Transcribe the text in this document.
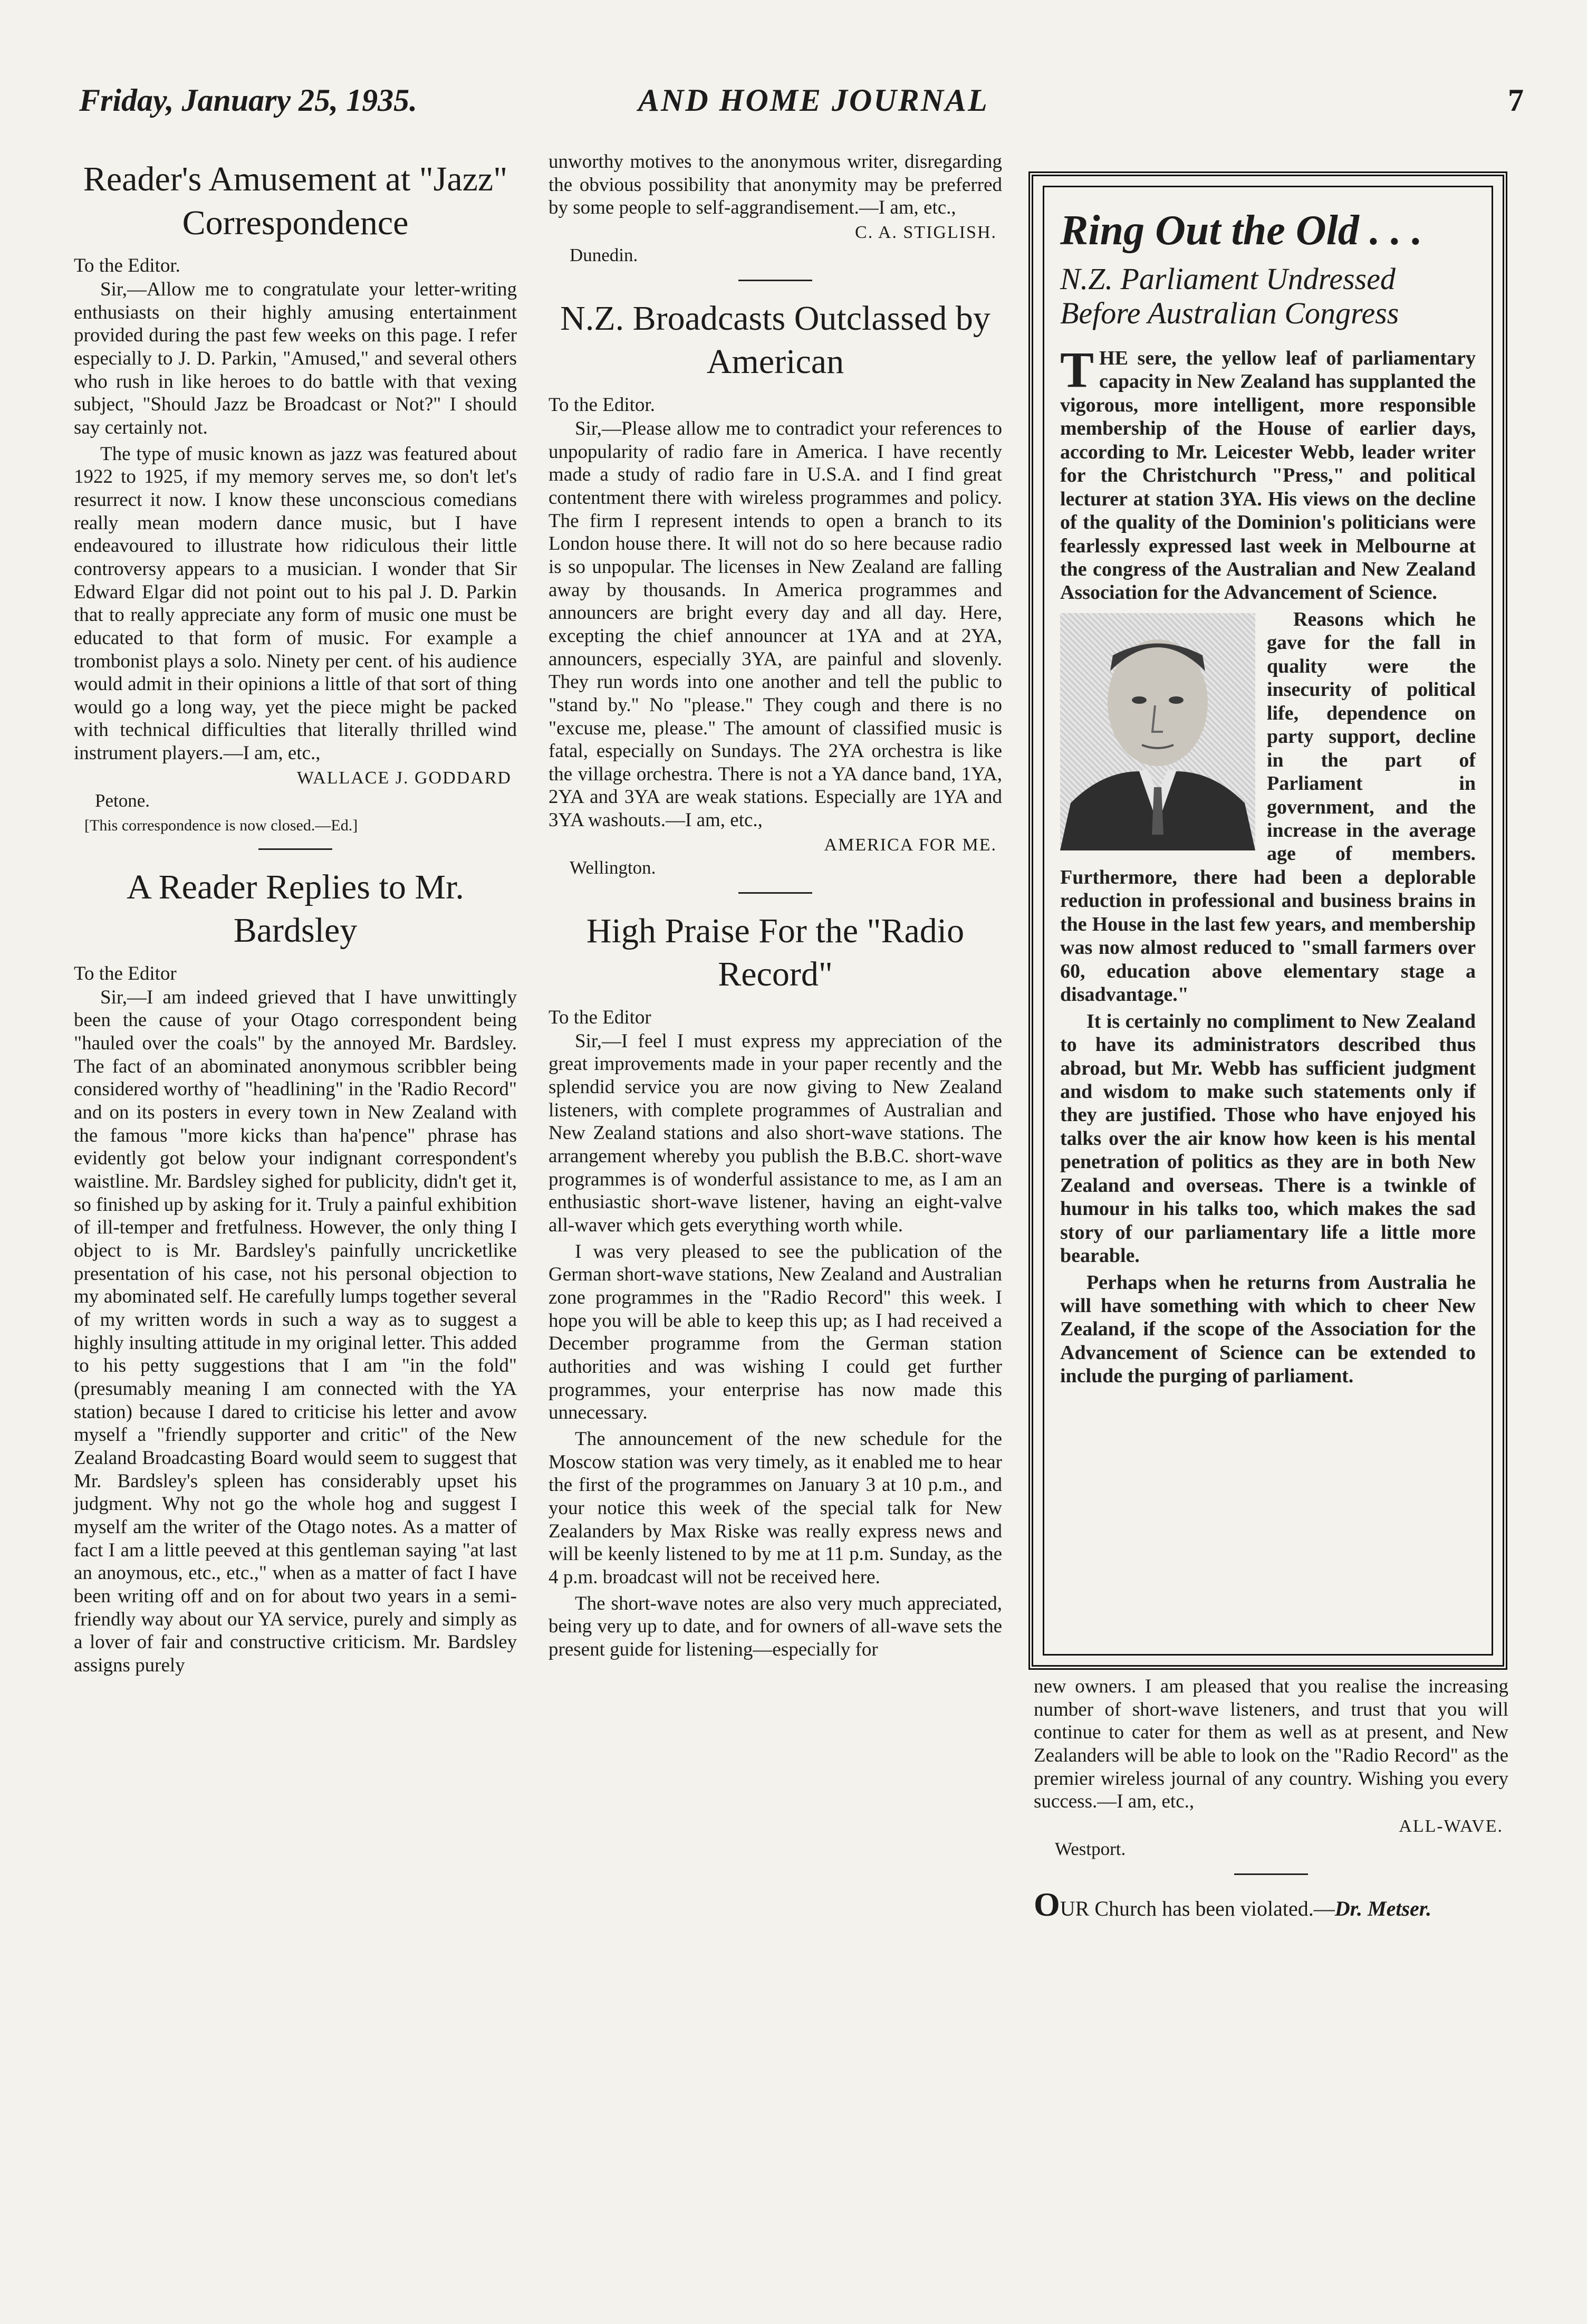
Friday, January 25, 1935.	AND HOME JOURNAL	7
Reader's Amusement at "Jazz" Correspondence
To the Editor.

Sir,—Allow me to congratulate your letter-writing enthusiasts on their highly amusing entertainment provided during the past few weeks on this page. I refer especially to J. D. Parkin, "Amused," and several others who rush in like heroes to do battle with that vexing subject, "Should Jazz be Broadcast or Not?" I should say certainly not.

The type of music known as jazz was featured about 1922 to 1925, if my memory serves me, so don't let's resurrect it now. I know these unconscious comedians really mean modern dance music, but I have endeavoured to illustrate how ridiculous their little controversy appears to a musician. I wonder that Sir Edward Elgar did not point out to his pal J. D. Parkin that to really appreciate any form of music one must be educated to that form of music. For example a trombonist plays a solo. Ninety per cent. of his audience would admit in their opinions a little of that sort of thing would go a long way, yet the piece might be packed with technical difficulties that literally thrilled wind instrument players.—I am, etc.,

WALLACE J. GODDARD
Petone.
[This correspondence is now closed.—Ed.]
A Reader Replies to Mr. Bardsley
To the Editor

Sir,—I am indeed grieved that I have unwittingly been the cause of your Otago correspondent being "hauled over the coals" by the annoyed Mr. Bardsley. The fact of an abominated anonymous scribbler being considered worthy of "headlining" in the 'Radio Record" and on its posters in every town in New Zealand with the famous "more kicks than ha'pence" phrase has evidently got below your indignant correspondent's waistline. Mr. Bardsley sighed for publicity, didn't get it, so finished up by asking for it. Truly a painful exhibition of ill-temper and fretfulness. However, the only thing I object to is Mr. Bardsley's painfully uncricketlike presentation of his case, not his personal objection to my abominated self. He carefully lumps together several of my written words in such a way as to suggest a highly insulting attitude in my original letter. This added to his petty suggestions that I am "in the fold" (presumably meaning I am connected with the YA station) because I dared to criticise his letter and avow myself a "friendly supporter and critic" of the New Zealand Broadcasting Board would seem to suggest that Mr. Bardsley's spleen has considerably upset his judgment. Why not go the whole hog and suggest I myself am the writer of the Otago notes. As a matter of fact I am a little peeved at this gentleman saying "at last an anoymous, etc., etc.," when as a matter of fact I have been writing off and on for about two years in a semi-friendly way about our YA service, purely and simply as a lover of fair and constructive criticism. Mr. Bardsley assigns purely

unworthy motives to the anonymous writer, disregarding the obvious possibility that anonymity may be preferred by some people to self-aggrandisement.—I am, etc.,

C. A. STIGLISH.
Dunedin.
N.Z. Broadcasts Outclassed by American
To the Editor.

Sir,—Please allow me to contradict your references to unpopularity of radio fare in America. I have recently made a study of radio fare in U.S.A. and I find great contentment there with wireless programmes and policy. The firm I represent intends to open a branch to its London house there. It will not do so here because radio is so unpopular. The licenses in New Zealand are falling away by thousands. In America programmes and announcers are bright every day and all day. Here, excepting the chief announcer at 1YA and at 2YA, announcers, especially 3YA, are painful and slovenly. They run words into one another and tell the public to "stand by." No "please." They cough and there is no "excuse me, please." The amount of classified music is fatal, especially on Sundays. The 2YA orchestra is like the village orchestra. There is not a YA dance band, 1YA, 2YA and 3YA are weak stations. Especially are 1YA and 3YA washouts.—I am, etc.,

AMERICA FOR ME.
Wellington.
High Praise For the "Radio Record"
To the Editor

Sir,—I feel I must express my appreciation of the great improvements made in your paper recently and the splendid service you are now giving to New Zealand listeners, with complete programmes of Australian and New Zealand stations and also short-wave stations. The arrangement whereby you publish the B.B.C. short-wave programmes is of wonderful assistance to me, as I am an enthusiastic short-wave listener, having an eight-valve all-waver which gets everything worth while.

I was very pleased to see the publication of the German short-wave stations, New Zealand and Australian zone programmes in the "Radio Record" this week. I hope you will be able to keep this up; as I had received a December programme from the German station authorities and was wishing I could get further programmes, your enterprise has now made this unnecessary.

The announcement of the new schedule for the Moscow station was very timely, as it enabled me to hear the first of the programmes on January 3 at 10 p.m., and your notice this week of the special talk for New Zealanders by Max Riske was really express news and will be keenly listened to by me at 11 p.m. Sunday, as the 4 p.m. broadcast will not be received here.

The short-wave notes are also very much appreciated, being very up to date, and for owners of all-wave sets the present guide for listening—especially for

Ring Out the Old . . .
N.Z. Parliament Undressed Before Australian Congress

THE sere, the yellow leaf of parliamentary capacity in New Zealand has supplanted the vigorous, more intelligent, more responsible membership of the House of earlier days, according to Mr. Leicester Webb, leader writer for the Christchurch "Press," and political lecturer at station 3YA. His views on the decline of the quality of the Dominion's politicians were fearlessly expressed last week in Melbourne at the congress of the Australian and New Zealand Association for the Advancement of Science.

Reasons which he gave for the fall in quality were the insecurity of political life, dependence on party support, decline in the part of Parliament in government, and the increase in the average age of members. Furthermore, there had been a deplorable reduction in professional and business brains in the House in the last few years, and membership was now almost reduced to "small farmers over 60, education above elementary stage a disadvantage."

It is certainly no compliment to New Zealand to have its administrators described thus abroad, but Mr. Webb has sufficient judgment and wisdom to make such statements only if they are justified. Those who have enjoyed his talks over the air know how keen is his mental penetration of politics as they are in both New Zealand and overseas. There is a twinkle of humour in his talks too, which makes the sad story of our parliamentary life a little more bearable.

Perhaps when he returns from Australia he will have something with which to cheer New Zealand, if the scope of the Association for the Advancement of Science can be extended to include the purging of parliament.

new owners. I am pleased that you realise the increasing number of short-wave listeners, and trust that you will continue to cater for them as well as at present, and New Zealanders will be able to look on the "Radio Record" as the premier wireless journal of any country. Wishing you every success.—I am, etc.,

ALL-WAVE.
Westport.

OUR Church has been violated.—Dr. Metser.
